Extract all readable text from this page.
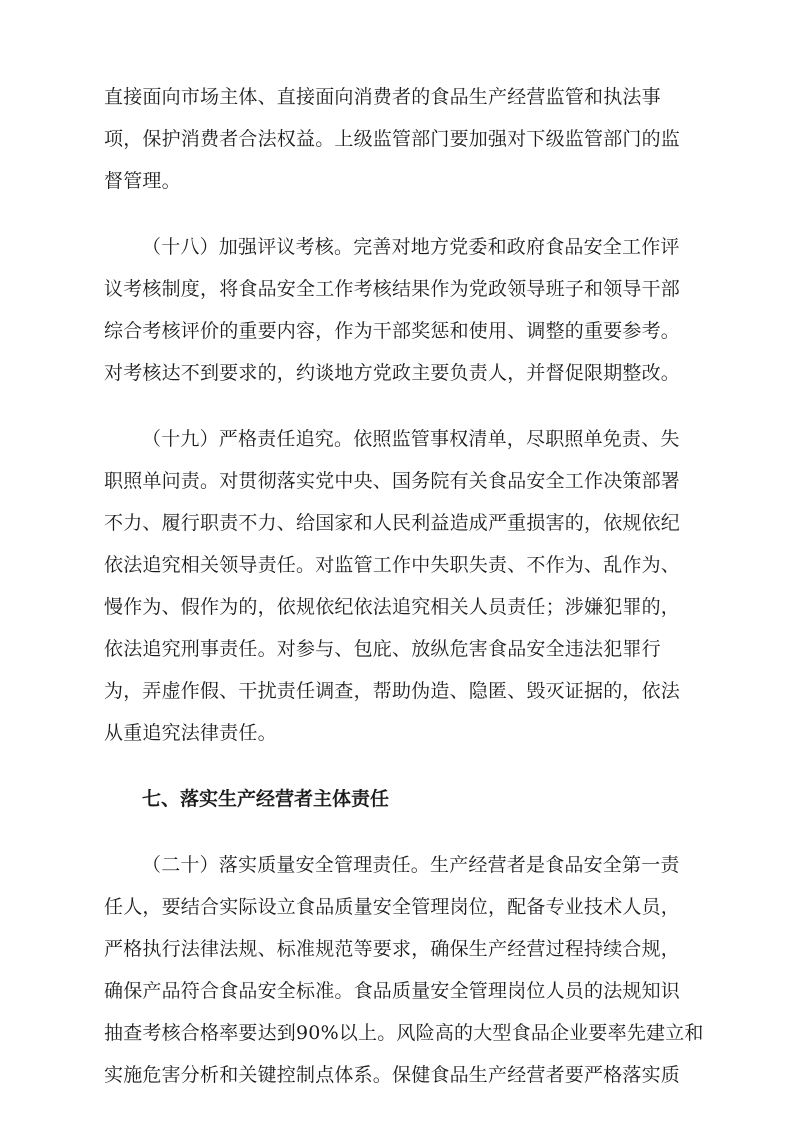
直接面向市场主体、直接面向消费者的食品生产经营监管和执法事
项，保护消费者合法权益。上级监管部门要加强对下级监管部门的监
督管理。
（十八）加强评议考核。完善对地方党委和政府食品安全工作评
议考核制度，将食品安全工作考核结果作为党政领导班子和领导干部
综合考核评价的重要内容，作为干部奖惩和使用、调整的重要参考。
对考核达不到要求的，约谈地方党政主要负责人，并督促限期整改。
（十九）严格责任追究。依照监管事权清单，尽职照单免责、失
职照单问责。对贯彻落实党中央、国务院有关食品安全工作决策部署
不力、履行职责不力、给国家和人民利益造成严重损害的，依规依纪
依法追究相关领导责任。对监管工作中失职失责、不作为、乱作为、
慢作为、假作为的，依规依纪依法追究相关人员责任；涉嫌犯罪的，
依法追究刑事责任。对参与、包庇、放纵危害食品安全违法犯罪行
为，弄虚作假、干扰责任调查，帮助伪造、隐匿、毁灭证据的，依法
从重追究法律责任。
七、落实生产经营者主体责任
（二十）落实质量安全管理责任。生产经营者是食品安全第一责
任人，要结合实际设立食品质量安全管理岗位，配备专业技术人员，
严格执行法律法规、标准规范等要求，确保生产经营过程持续合规，
确保产品符合食品安全标准。食品质量安全管理岗位人员的法规知识
抽查考核合格率要达到90%以上。风险高的大型食品企业要率先建立和
实施危害分析和关键控制点体系。保健食品生产经营者要严格落实质
